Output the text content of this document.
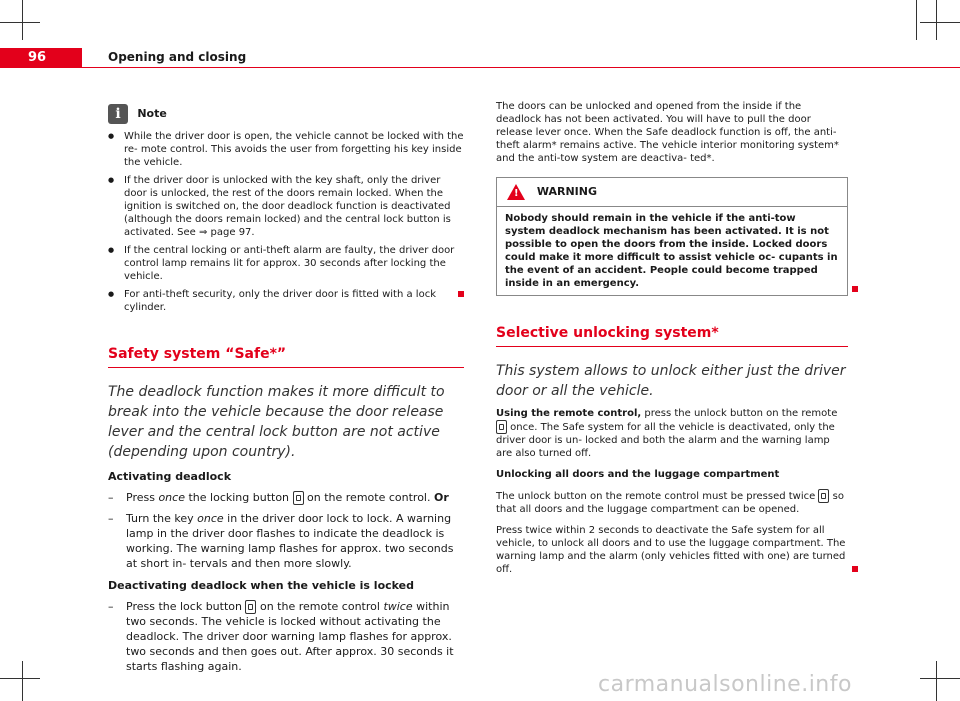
96	Opening and closing
i Note

● While the driver door is open, the vehicle cannot be locked with the re- mote control. This avoids the user from forgetting his key inside the vehicle.

● If the driver door is unlocked with the key shaft, only the driver door is unlocked, the rest of the doors remain locked. When the ignition is switched on, the door deadlock function is deactivated (although the doors remain locked) and the central lock button is activated. See ⇒ page 97.

● If the central locking or anti-theft alarm are faulty, the driver door control lamp remains lit for approx. 30 seconds after locking the vehicle.

● For anti-theft security, only the driver door is fitted with a lock cylinder.

Safety system “Safe*”

The deadlock function makes it more difficult to break into the vehicle because the door release lever and the central lock button are not active (depending upon country).

Activating deadlock

– Press once the locking button  on the remote control. Or
– Turn the key once in the driver door lock to lock. A warning lamp in the driver door flashes to indicate the deadlock is working. The warning lamp flashes for approx. two seconds at short in- tervals and then more slowly.

Deactivating deadlock when the vehicle is locked

– Press the lock button  on the remote control twice within two seconds. The vehicle is locked without activating the deadlock. The driver door warning lamp flashes for approx. two seconds and then goes out. After approx. 30 seconds it starts flashing again.

The doors can be unlocked and opened from the inside if the deadlock has not been activated. You will have to pull the door release lever once. When the Safe deadlock function is off, the anti-theft alarm* remains active. The vehicle interior monitoring system* and the anti-tow system are deactiva- ted*.

! WARNING
Nobody should remain in the vehicle if the anti-tow system deadlock mechanism has been activated. It is not possible to open the doors from the inside. Locked doors could make it more difficult to assist vehicle oc- cupants in the event of an accident. People could become trapped inside in an emergency.
Selective unlocking system*

This system allows to unlock either just the driver door or all the vehicle.

Using the remote control, press the unlock button on the remote  once. The Safe system for all the vehicle is deactivated, only the driver door is un- locked and both the alarm and the warning lamp are also turned off.

Unlocking all doors and the luggage compartment

The unlock button on the remote control must be pressed twice  so that all doors and the luggage compartment can be opened.

Press twice within 2 seconds to deactivate the Safe system for all vehicle, to unlock all doors and to use the luggage compartment. The warning lamp and the alarm (only vehicles fitted with one) are turned off.

carmanualsonline.info
